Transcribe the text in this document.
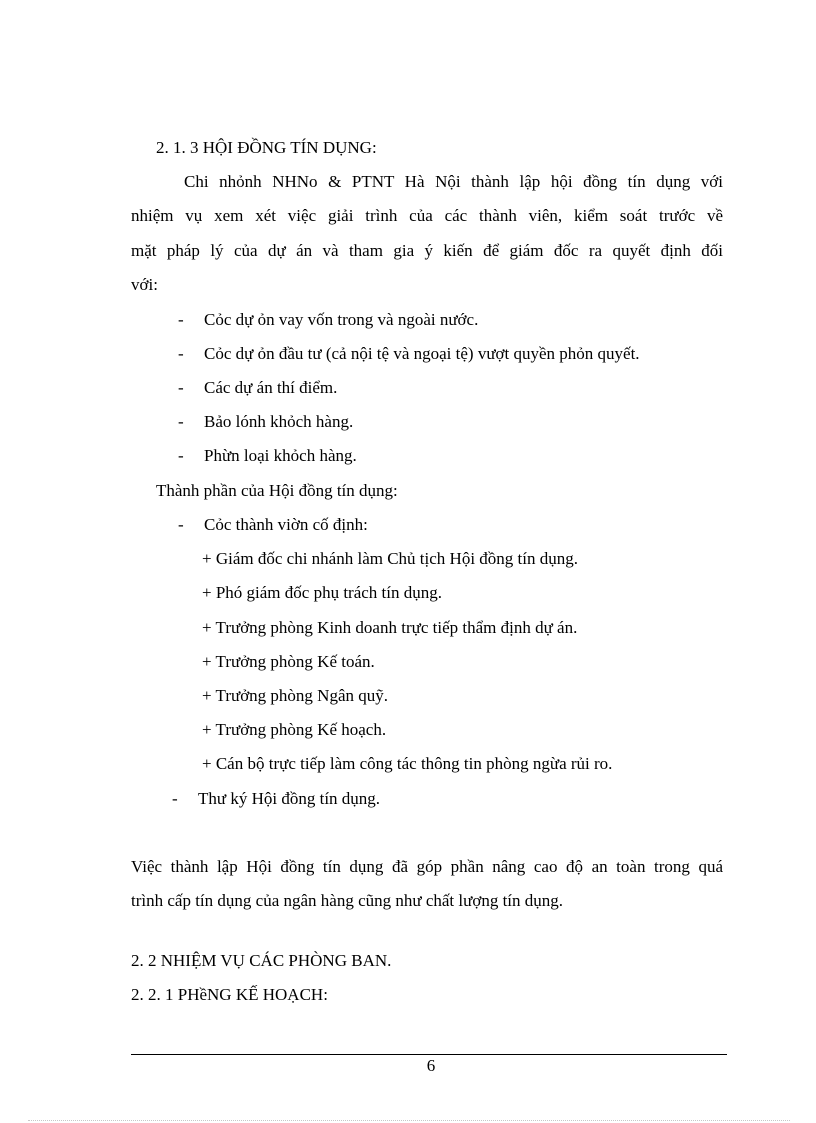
2. 1. 3 HỘI ĐỒNG TÍN DỤNG:
Chi nhỏnh NHNo & PTNT Hà Nội thành lập hội đồng tín dụng với
nhiệm vụ xem xét việc giải trình của các thành viên, kiểm soát trước về
mặt pháp lý của dự án và tham gia ý kiến để giám đốc ra quyết định đối
với:
- Cỏc dự ỏn vay vốn trong và ngoài nước.
- Cỏc dự ỏn đầu tư (cả nội tệ và ngoại tệ) vượt quyền phỏn quyết.
- Các dự án thí điểm.
- Bảo lónh khỏch hàng.
- Phừn loại khỏch hàng.
Thành phần của Hội đồng tín dụng:
- Cỏc thành viờn cố định:
+ Giám đốc chi nhánh làm Chủ tịch Hội đồng tín dụng.
+ Phó giám đốc phụ trách tín dụng.
+ Trưởng phòng Kinh doanh trực tiếp thẩm định dự án.
+ Trưởng phòng Kế toán.
+ Trưởng phòng Ngân quỹ.
+ Trưởng phòng Kế hoạch.
+ Cán bộ trực tiếp làm công tác thông tin phòng ngừa rủi ro.
- Thư ký Hội đồng tín dụng.
Việc thành lập Hội đồng tín dụng đã góp phần nâng cao độ an toàn trong quá
trình cấp tín dụng của ngân hàng cũng như chất lượng tín dụng.
2. 2 NHIỆM VỤ CÁC PHÒNG BAN.
2. 2. 1 PHềNG KẾ HOẠCH:
6
